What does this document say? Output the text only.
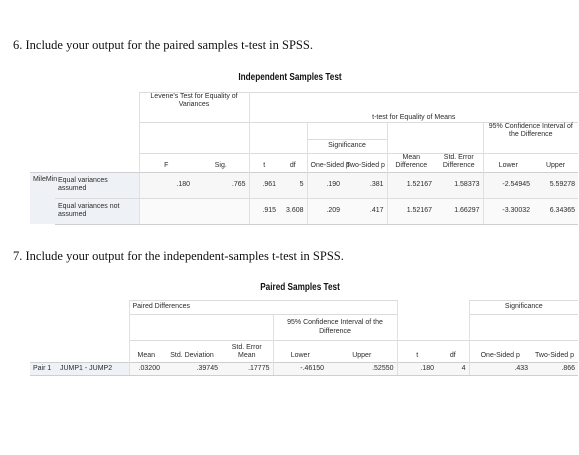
6. Include your output for the paired samples t-test in SPSS.
Independent Samples Test
		Levene's Test for Equality of Variances		t-test for Equality of Means							
										95% Confidence Interval of the Difference	
						Significance					
		F	Sig.	t	df	One-Sided p	Two-Sided p	Mean Difference	Std. Error Difference	Lower	Upper
MileMin	Equal variances assumed	.180	.765	.961	5	.190	.381	1.52167	1.58373	-2.54945	5.59278
	Equal variances not assumed			.915	3.608	.209	.417	1.52167	1.66297	-3.30032	6.34365
7. Include your output for the independent-samples t-test in SPSS.
Paired Samples Test
		Paired Differences							Significance	
					95% Confidence Interval of the Difference					
		Mean	Std. Deviation	Std. Error Mean	Lower	Upper	t	df	One-Sided p	Two-Sided p
Pair 1	JUMP1 - JUMP2	.03200	.39745	.17775	-.46150	.52550	.180	4	.433	.866
